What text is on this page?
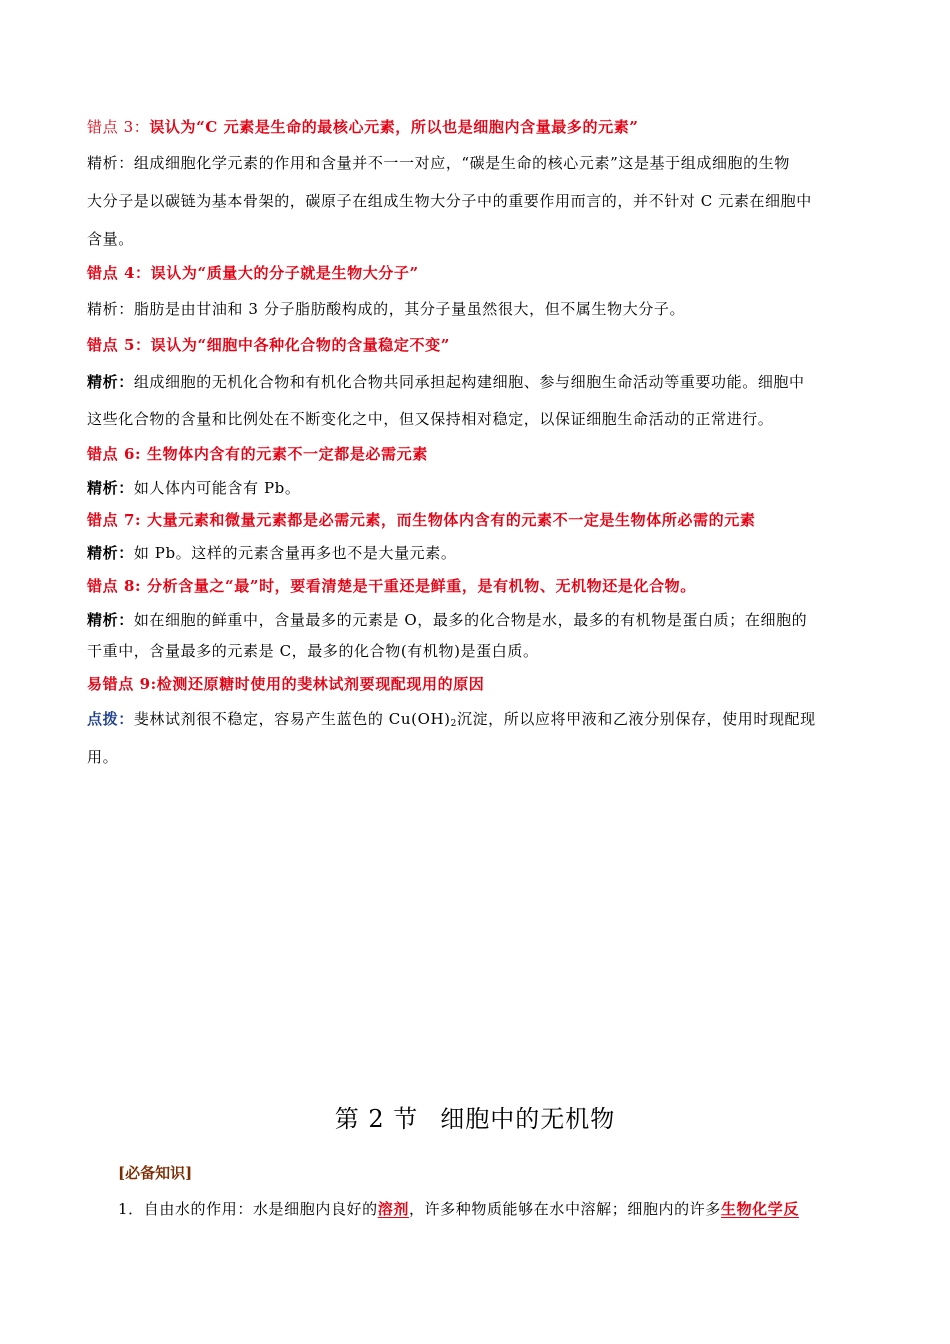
错点 3：误认为“C 元素是生命的最核心元素，所以也是细胞内含量最多的元素”
精析：组成细胞化学元素的作用和含量并不一一对应，“碳是生命的核心元素”这是基于组成细胞的生物
大分子是以碳链为基本骨架的，碳原子在组成生物大分子中的重要作用而言的，并不针对 C 元素在细胞中
含量。
错点 4：误认为“质量大的分子就是生物大分子”
精析：脂肪是由甘油和 3 分子脂肪酸构成的，其分子量虽然很大，但不属生物大分子。
错点 5：误认为“细胞中各种化合物的含量稳定不变”
精析：组成细胞的无机化合物和有机化合物共同承担起构建细胞、参与细胞生命活动等重要功能。细胞中
这些化合物的含量和比例处在不断变化之中，但又保持相对稳定，以保证细胞生命活动的正常进行。
错点 6: 生物体内含有的元素不一定都是必需元素
精析：如人体内可能含有 Pb。
错点 7: 大量元素和微量元素都是必需元素，而生物体内含有的元素不一定是生物体所必需的元素
精析：如 Pb。这样的元素含量再多也不是大量元素。
错点 8: 分析含量之“最”时，要看清楚是干重还是鲜重，是有机物、无机物还是化合物。
精析：如在细胞的鲜重中，含量最多的元素是 O，最多的化合物是水，最多的有机物是蛋白质；在细胞的
干重中，含量最多的元素是 C，最多的化合物(有机物)是蛋白质。
易错点 9:检测还原糖时使用的斐林试剂要现配现用的原因
点拨：斐林试剂很不稳定，容易产生蓝色的 $Cu(OH)_2$沉淀，所以应将甲液和乙液分别保存，使用时现配现
用。
第 2 节 细胞中的无机物
[必备知识]
1．自由水的作用：水是细胞内良好的溶剂，许多种物质能够在水中溶解；细胞内的许多生物化学反
